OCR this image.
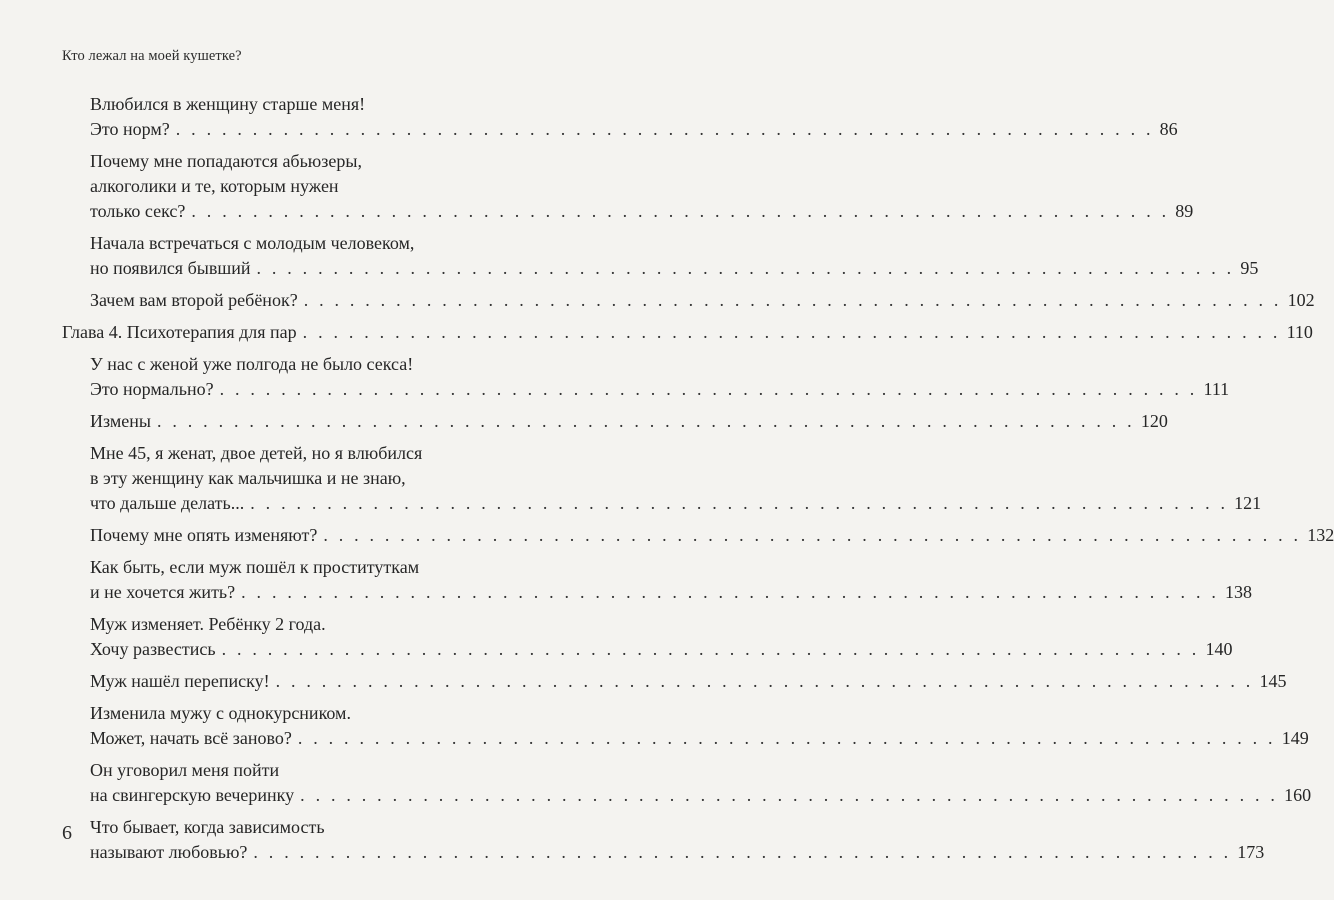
Кто лежал на моей кушетке?
Влюбился в женщину старше меня!
Это норм? . . . . . . . . . . . . . . . . . . . . . . . . . . . . . . . . . . . . . . . . . . . . . . . . . . . . . . . . . . . . . . . . 86
Почему мне попадаются абьюзеры,
алкоголики и те, которым нужен
только секс? . . . . . . . . . . . . . . . . . . . . . . . . . . . . . . . . . . . . . . . . . . . . . . . . . . . . . . . . . . . . . . . . 89
Начала встречаться с молодым человеком,
но появился бывший . . . . . . . . . . . . . . . . . . . . . . . . . . . . . . . . . . . . . . . . . . . . . . . . . . . . . . . . . . . . . . . . 95
Зачем вам второй ребёнок? . . . . . . . . . . . . . . . . . . . . . . . . . . . . . . . . . . . . . . . . . . . . . . . . . . . . . . . . . . . . . . . . 102
Глава 4. Психотерапия для пар . . . . . . . . . . . . . . . . . . . . . . . . . . . . . . . . . . . . . . . . . . . . . . . . . . . . . . . . . . . . . . . . 110
У нас с женой уже полгода не было секса!
Это нормально? . . . . . . . . . . . . . . . . . . . . . . . . . . . . . . . . . . . . . . . . . . . . . . . . . . . . . . . . . . . . . . . . 111
Измены . . . . . . . . . . . . . . . . . . . . . . . . . . . . . . . . . . . . . . . . . . . . . . . . . . . . . . . . . . . . . . . . 120
Мне 45, я женат, двое детей, но я влюбился
в эту женщину как мальчишка и не знаю,
что дальше делать... . . . . . . . . . . . . . . . . . . . . . . . . . . . . . . . . . . . . . . . . . . . . . . . . . . . . . . . . . . . . . . . . 121
Почему мне опять изменяют? . . . . . . . . . . . . . . . . . . . . . . . . . . . . . . . . . . . . . . . . . . . . . . . . . . . . . . . . . . . . . . . . 132
Как быть, если муж пошёл к проституткам
и не хочется жить? . . . . . . . . . . . . . . . . . . . . . . . . . . . . . . . . . . . . . . . . . . . . . . . . . . . . . . . . . . . . . . . . 138
Муж изменяет. Ребёнку 2 года.
Хочу развестись . . . . . . . . . . . . . . . . . . . . . . . . . . . . . . . . . . . . . . . . . . . . . . . . . . . . . . . . . . . . . . . . 140
Муж нашёл переписку! . . . . . . . . . . . . . . . . . . . . . . . . . . . . . . . . . . . . . . . . . . . . . . . . . . . . . . . . . . . . . . . . 145
Изменила мужу с однокурсником.
Может, начать всё заново? . . . . . . . . . . . . . . . . . . . . . . . . . . . . . . . . . . . . . . . . . . . . . . . . . . . . . . . . . . . . . . . . 149
Он уговорил меня пойти
на свингерскую вечеринку . . . . . . . . . . . . . . . . . . . . . . . . . . . . . . . . . . . . . . . . . . . . . . . . . . . . . . . . . . . . . . . . 160
Что бывает, когда зависимость
называют любовью? . . . . . . . . . . . . . . . . . . . . . . . . . . . . . . . . . . . . . . . . . . . . . . . . . . . . . . . . . . . . . . . . 173
6
